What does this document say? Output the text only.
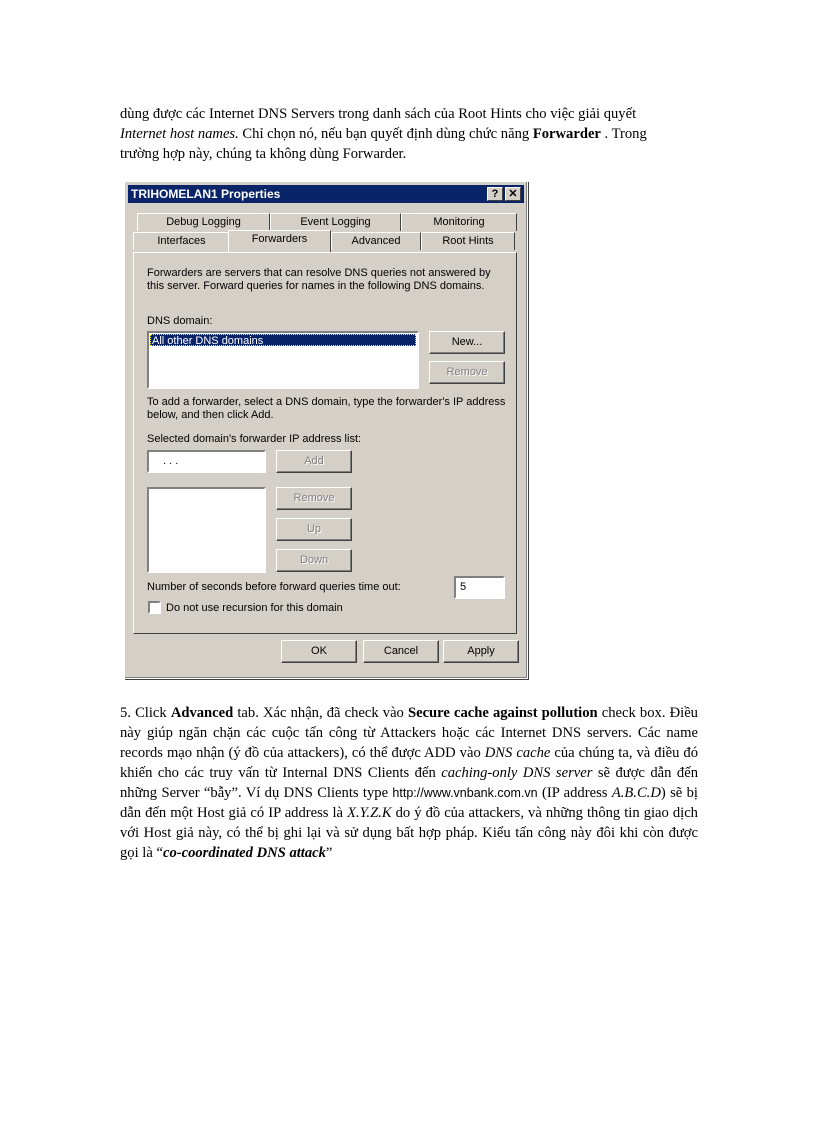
dùng được các Internet DNS Servers trong danh sách của Root Hints cho việc giải quyết
Internet host names. Chỉ chọn nó, nếu bạn quyết định dùng chức năng Forwarder . Trong
trường hợp này, chúng ta không dùng Forwarder.
TRIHOMELAN1 Properties	? ✕
Debug Logging	Event Logging	Monitoring
Interfaces	Forwarders	Advanced	Root Hints
Forwarders are servers that can resolve DNS queries not answered by this server. Forward queries for names in the following DNS domains.
DNS domain:
All other DNS domains	New...
Remove
To add a forwarder, select a DNS domain, type the forwarder's IP address below, and then click Add.
Selected domain's forwarder IP address list:
. . .	Add
Remove
Up
Down
Number of seconds before forward queries time out:	5
Do not use recursion for this domain
OK	Cancel	Apply
5. Click Advanced tab. Xác nhận, đã check vào Secure cache against pollution check box. Điều này giúp ngăn chặn các cuộc tấn công từ Attackers hoặc các Internet DNS servers. Các name records mạo nhận (ý đồ của attackers), có thể được ADD vào DNS cache của chúng ta, và điều đó khiến cho các truy vấn từ Internal DNS Clients đến caching-only DNS server sẽ được dẫn đến những Server “bẫy”. Ví dụ DNS Clients type http://www.vnbank.com.vn (IP address A.B.C.D) sẽ bị dẫn đến một Host giả có IP address là X.Y.Z.K do ý đồ của attackers, và những thông tin giao dịch với Host giả này, có thể bị ghi lại và sử dụng bất hợp pháp. Kiểu tấn công này đôi khi còn được gọi là “co-coordinated DNS attack”
